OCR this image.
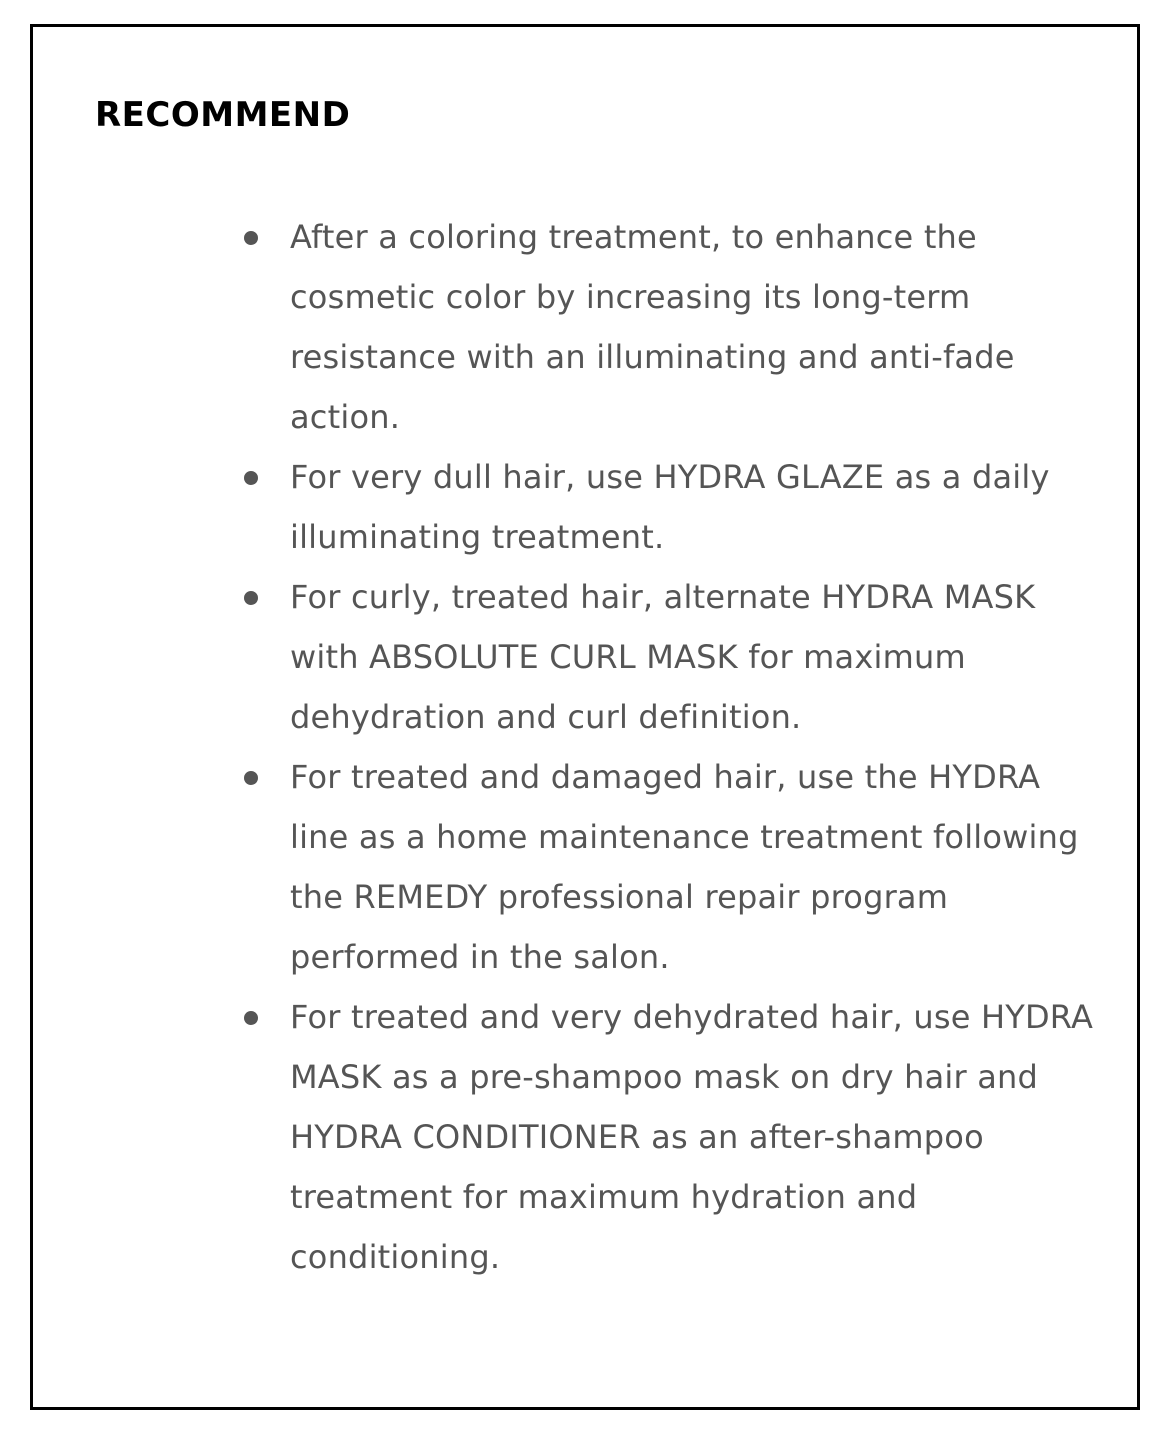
RECOMMEND
After a coloring treatment, to enhance the cosmetic color by increasing its long-term resistance with an illuminating and anti-fade action.
For very dull hair, use HYDRA GLAZE as a daily illuminating treatment.
For curly, treated hair, alternate HYDRA MASK with ABSOLUTE CURL MASK for maximum dehydration and curl definition.
For treated and damaged hair, use the HYDRA line as a home maintenance treatment following the REMEDY professional repair program performed in the salon.
For treated and very dehydrated hair, use HYDRA MASK as a pre-shampoo mask on dry hair and HYDRA CONDITIONER as an after-shampoo treatment for maximum hydration and conditioning.
